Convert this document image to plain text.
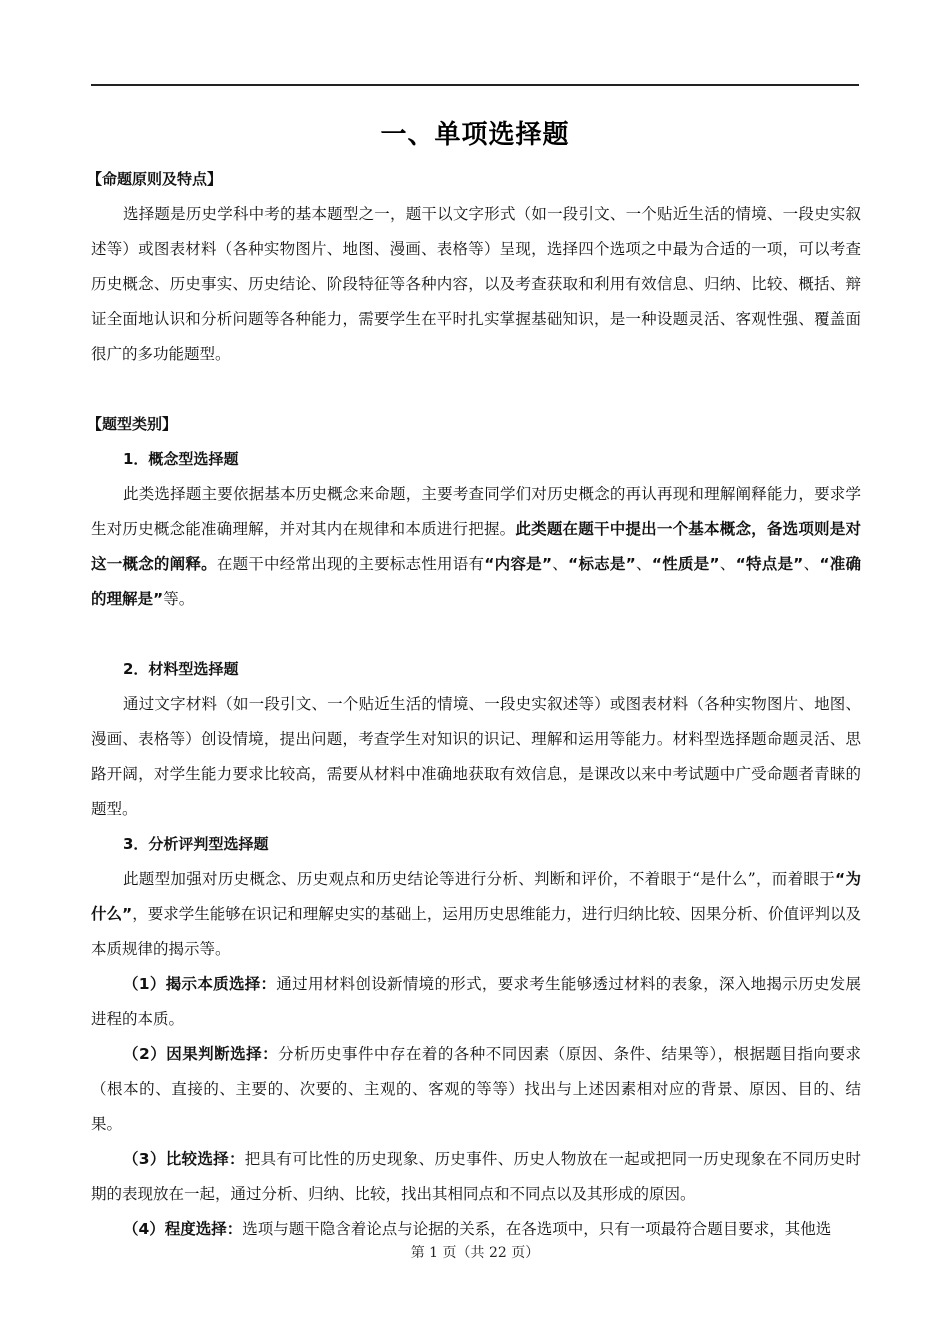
一、单项选择题
【命题原则及特点】

选择题是历史学科中考的基本题型之一，题干以文字形式（如一段引文、一个贴近生活的情境、一段史实叙述等）或图表材料（各种实物图片、地图、漫画、表格等）呈现，选择四个选项之中最为合适的一项，可以考查历史概念、历史事实、历史结论、阶段特征等各种内容，以及考查获取和利用有效信息、归纳、比较、概括、辩证全面地认识和分析问题等各种能力，需要学生在平时扎实掌握基础知识，是一种设题灵活、客观性强、覆盖面很广的多功能题型。

【题型类别】
1．概念型选择题

此类选择题主要依据基本历史概念来命题，主要考查同学们对历史概念的再认再现和理解阐释能力，要求学生对历史概念能准确理解，并对其内在规律和本质进行把握。此类题在题干中提出一个基本概念，备选项则是对这一概念的阐释。在题干中经常出现的主要标志性用语有“内容是”、“标志是”、“性质是”、“特点是”、“准确的理解是”等。

2．材料型选择题

通过文字材料（如一段引文、一个贴近生活的情境、一段史实叙述等）或图表材料（各种实物图片、地图、漫画、表格等）创设情境，提出问题，考查学生对知识的识记、理解和运用等能力。材料型选择题命题灵活、思路开阔，对学生能力要求比较高，需要从材料中准确地获取有效信息，是课改以来中考试题中广受命题者青睐的题型。

3．分析评判型选择题

此题型加强对历史概念、历史观点和历史结论等进行分析、判断和评价，不着眼于“是什么”，而着眼于“为什么”，要求学生能够在识记和理解史实的基础上，运用历史思维能力，进行归纳比较、因果分析、价值评判以及本质规律的揭示等。

（1）揭示本质选择：通过用材料创设新情境的形式，要求考生能够透过材料的表象，深入地揭示历史发展进程的本质。

（2）因果判断选择：分析历史事件中存在着的各种不同因素（原因、条件、结果等），根据题目指向要求（根本的、直接的、主要的、次要的、主观的、客观的等等）找出与上述因素相对应的背景、原因、目的、结果。

（3）比较选择：把具有可比性的历史现象、历史事件、历史人物放在一起或把同一历史现象在不同历史时期的表现放在一起，通过分析、归纳、比较，找出其相同点和不同点以及其形成的原因。

（4）程度选择：选项与题干隐含着论点与论据的关系，在各选项中，只有一项最符合题目要求，其他选

第 1 页（共 22 页）
